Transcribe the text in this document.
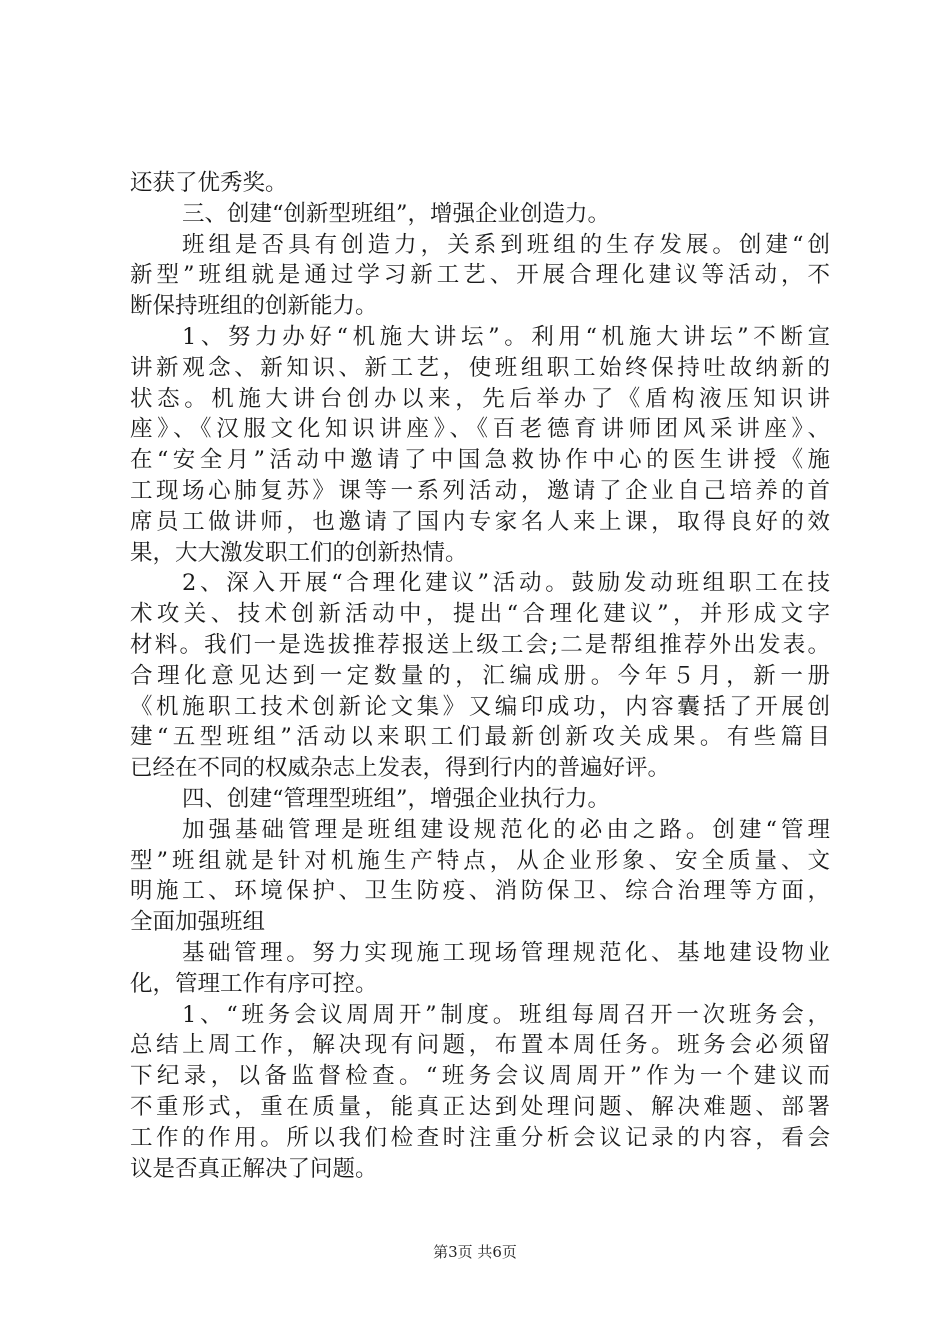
还获了优秀奖。
三、创建“创新型班组”，增强企业创造力。
班组是否具有创造力，关系到班组的生存发展。创建“创
新型”班组就是通过学习新工艺、开展合理化建议等活动，不
断保持班组的创新能力。
1、努力办好“机施大讲坛”。利用“机施大讲坛”不断宣
讲新观念、新知识、新工艺，使班组职工始终保持吐故纳新的
状态。机施大讲台创办以来，先后举办了《盾构液压知识讲
座》、《汉服文化知识讲座》、《百老德育讲师团风采讲座》、
在“安全月”活动中邀请了中国急救协作中心的医生讲授《施
工现场心肺复苏》课等一系列活动，邀请了企业自己培养的首
席员工做讲师，也邀请了国内专家名人来上课，取得良好的效
果，大大激发职工们的创新热情。
2、深入开展“合理化建议”活动。鼓励发动班组职工在技
术攻关、技术创新活动中，提出“合理化建议”，并形成文字
材料。我们一是选拔推荐报送上级工会;二是帮组推荐外出发表。
合理化意见达到一定数量的，汇编成册。今年５月，新一册
《机施职工技术创新论文集》又编印成功，内容囊括了开展创
建“五型班组”活动以来职工们最新创新攻关成果。有些篇目
已经在不同的权威杂志上发表，得到行内的普遍好评。
四、创建“管理型班组”，增强企业执行力。
加强基础管理是班组建设规范化的必由之路。创建“管理
型”班组就是针对机施生产特点，从企业形象、安全质量、文
明施工、环境保护、卫生防疫、消防保卫、综合治理等方面，
全面加强班组
基础管理。努力实现施工现场管理规范化、基地建设物业
化，管理工作有序可控。
1、“班务会议周周开”制度。班组每周召开一次班务会，
总结上周工作，解决现有问题，布置本周任务。班务会必须留
下纪录，以备监督检查。“班务会议周周开”作为一个建议而
不重形式，重在质量，能真正达到处理问题、解决难题、部署
工作的作用。所以我们检查时注重分析会议记录的内容，看会
议是否真正解决了问题。
第3页 共6页
